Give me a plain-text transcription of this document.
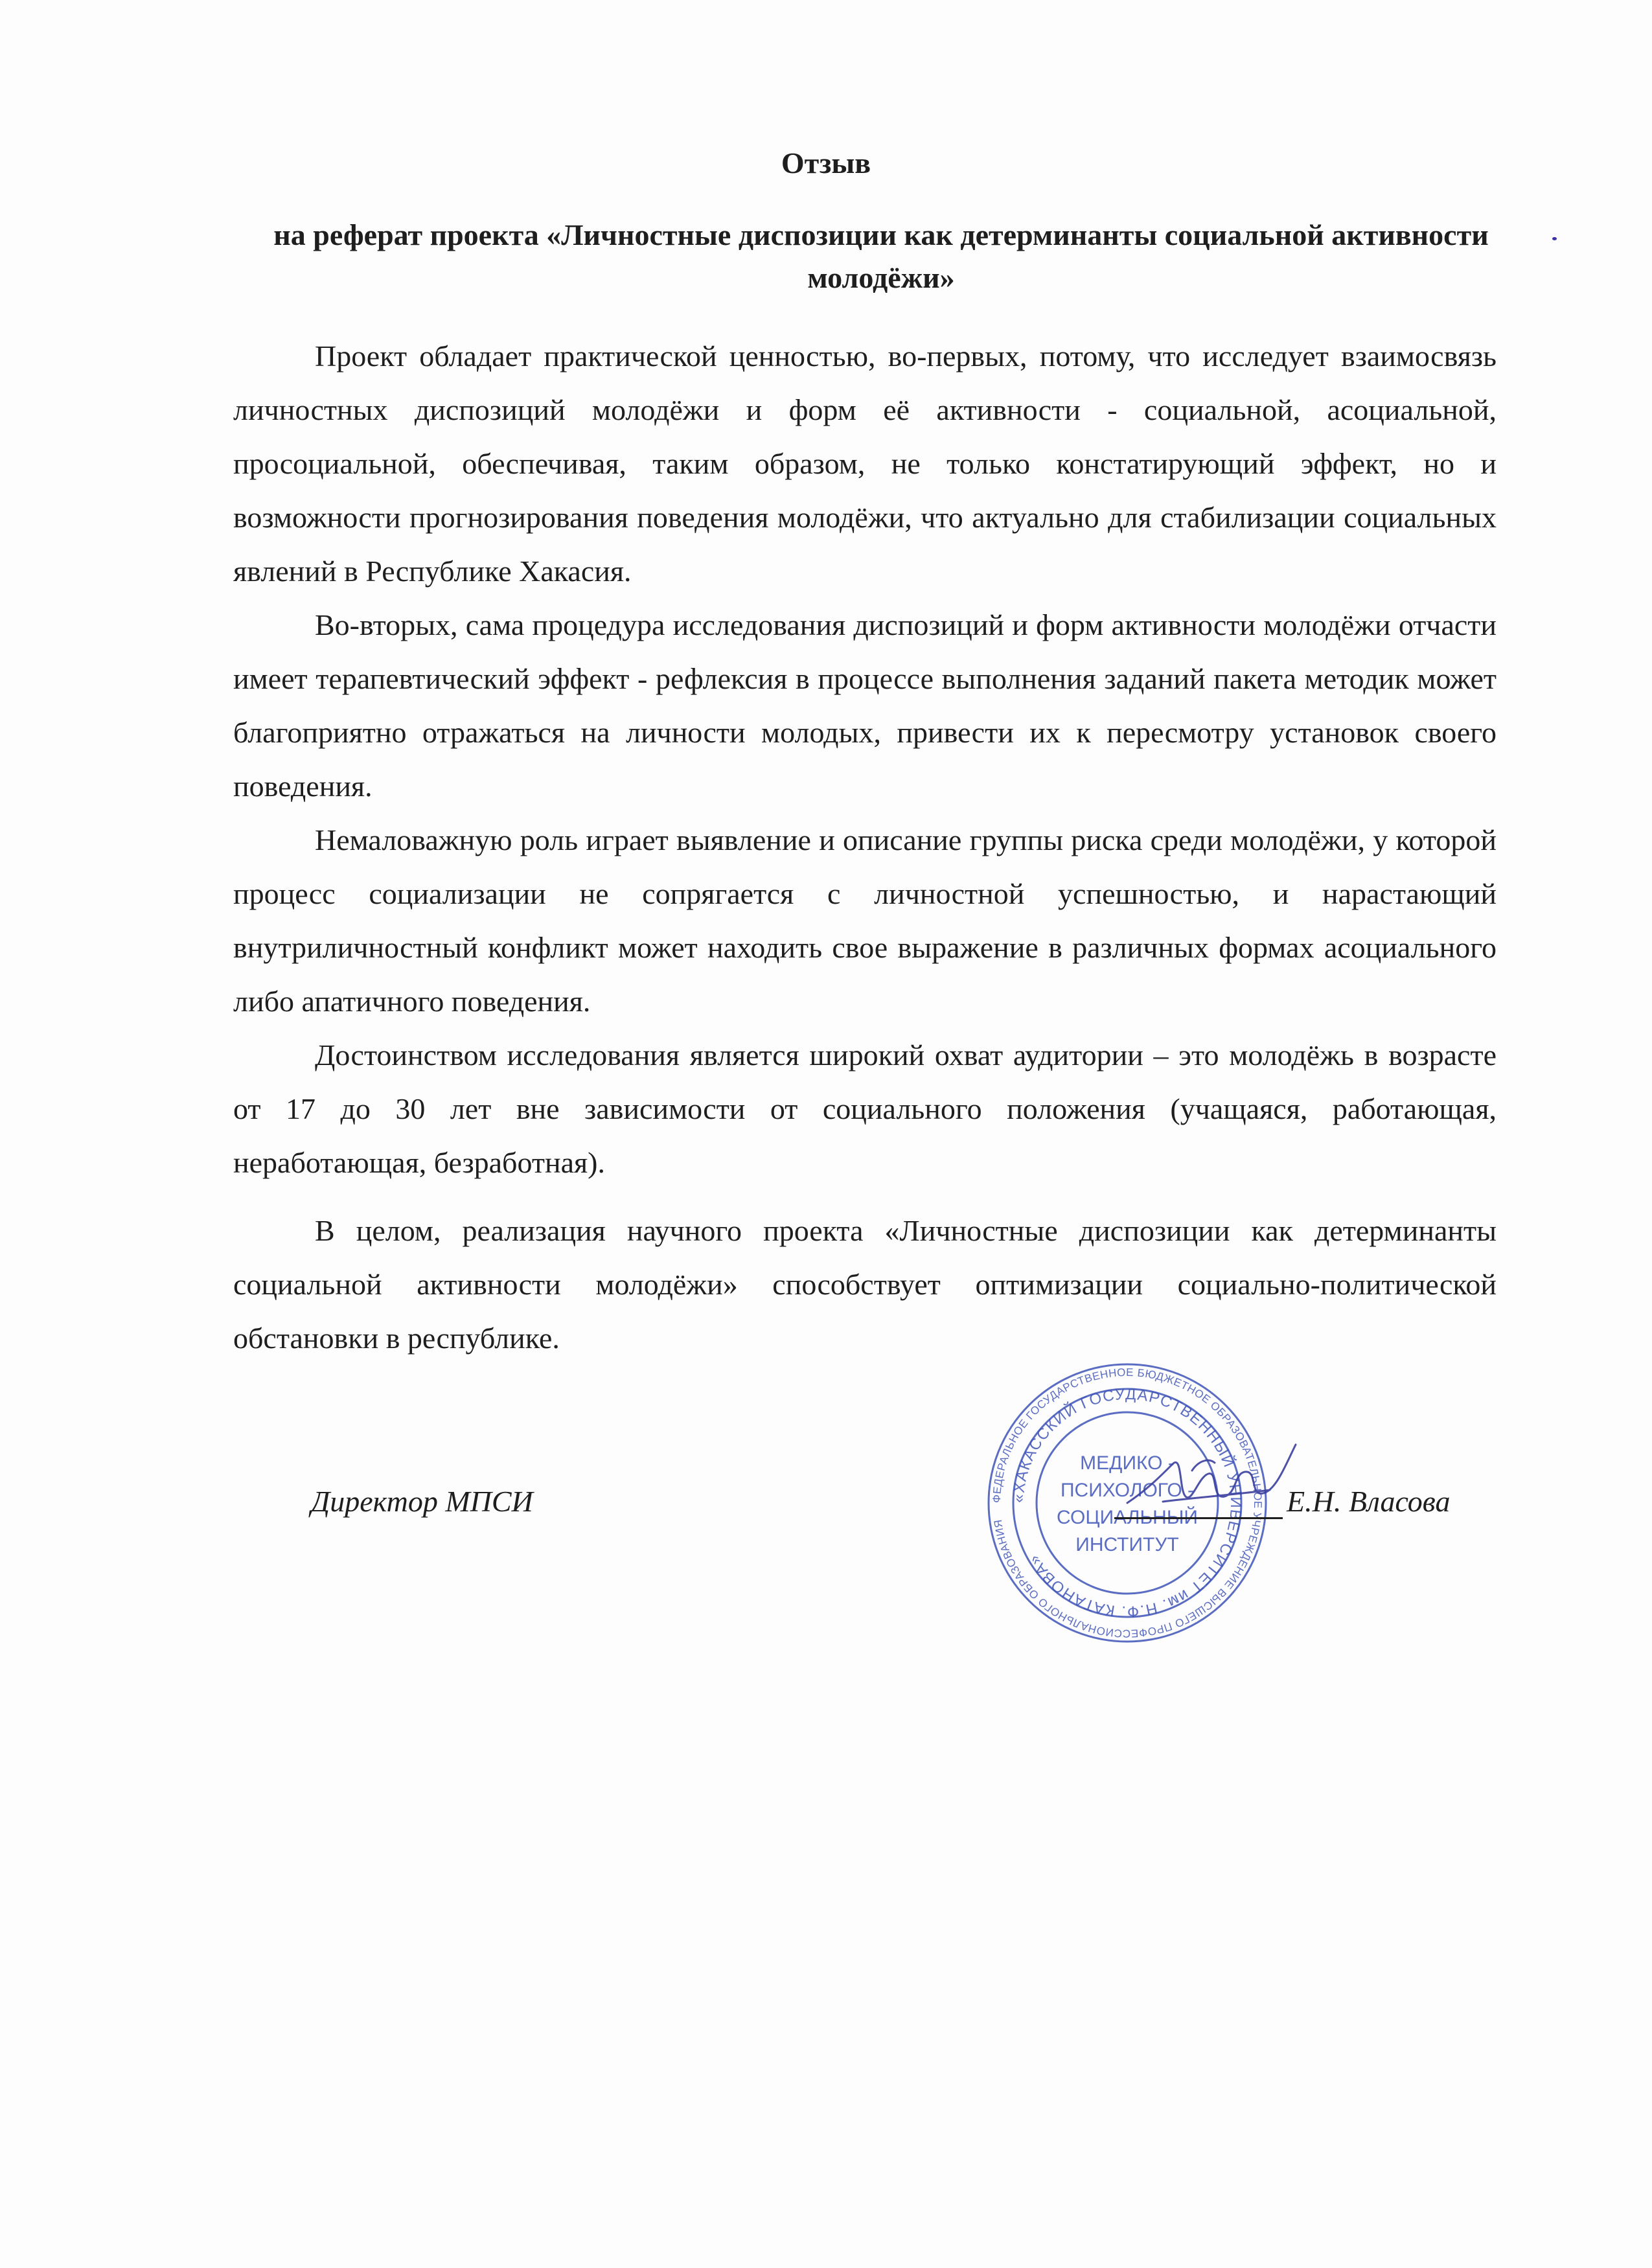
Отзыв
на реферат проекта «Личностные диспозиции как детерминанты социальной активности молодёжи»

Проект обладает практической ценностью, во-первых, потому, что исследует взаимосвязь личностных диспозиций молодёжи и форм её активности - социальной, асоциальной, просоциальной, обеспечивая, таким образом, не только констатирующий эффект, но и возможности прогнозирования поведения молодёжи, что актуально для стабилизации социальных явлений в Республике Хакасия.

Во-вторых, сама процедура исследования диспозиций и форм активности молодёжи отчасти имеет терапевтический эффект - рефлексия в процессе выполнения заданий пакета методик может благоприятно отражаться на личности молодых, привести их к пересмотру установок своего поведения.

Немаловажную роль играет выявление и описание группы риска среди молодёжи, у которой процесс социализации не сопрягается с личностной успешностью, и нарастающий внутриличностный конфликт может находить свое выражение в различных формах асоциального либо апатичного поведения.

Достоинством исследования является широкий охват аудитории – это молодёжь в возрасте от 17 до 30 лет вне зависимости от социального положения (учащаяся, работающая, неработающая, безработная).

В целом, реализация научного проекта «Личностные диспозиции как детерминанты социальной активности молодёжи» способствует оптимизации социально-политической обстановки в республике.

Директор МПСИ	ФЕДЕРАЛЬНОЕ ГОСУДАРСТВЕННОЕ БЮДЖЕТНОЕ ОБРАЗОВАТЕЛЬНОЕ УЧРЕЖДЕНИЕ ВЫСШЕГО ПРОФЕССИОНАЛЬНОГО ОБРАЗОВАНИЯ
«ХАКАССКИЙ ГОСУДАРСТВЕННЫЙ УНИВЕРСИТЕТ им. Н.Ф. КАТАНОВА»
МЕДИКО -
ПСИХОЛОГО -
СОЦИАЛЬНЫЙ
ИНСТИТУТ
Е.Н. Власова
